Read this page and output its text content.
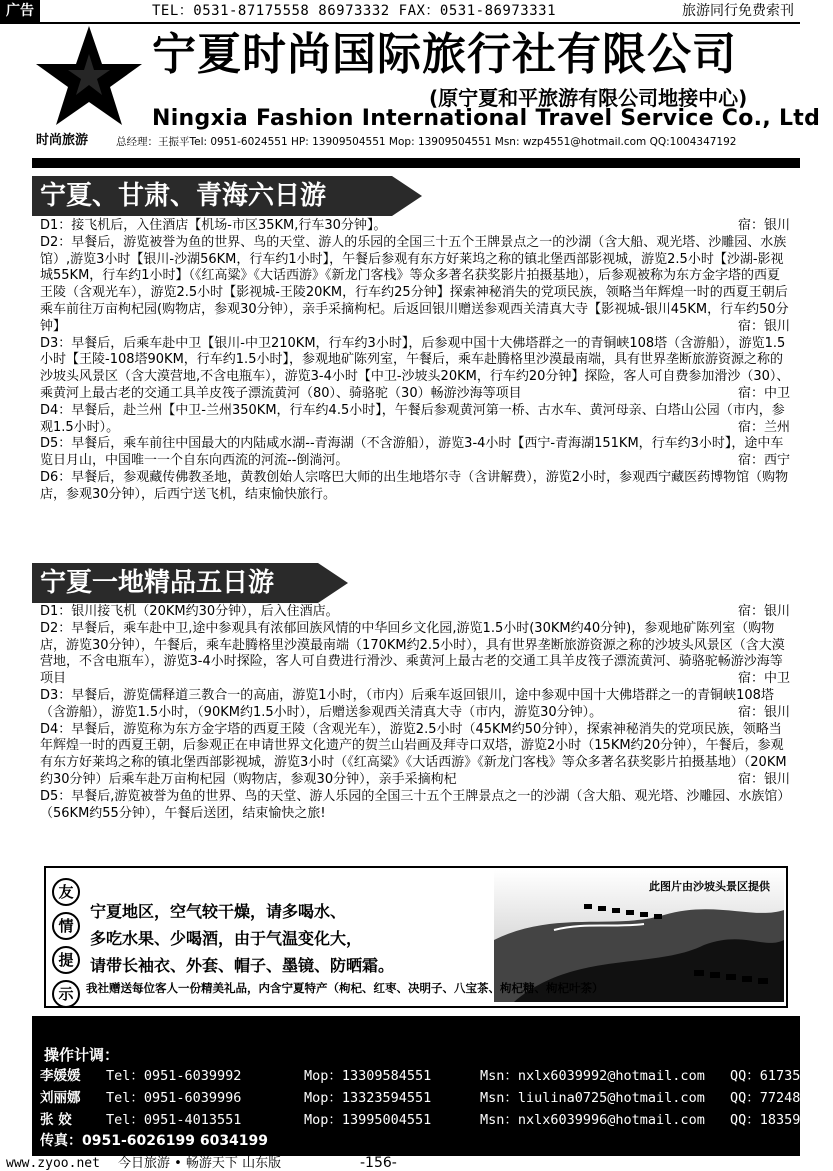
广告	TEL：0531-87175558 86973332 FAX：0531-86973331	旅游同行免费索刊
时尚旅游
宁夏时尚国际旅行社有限公司
(原宁夏和平旅游有限公司地接中心)
Ningxia Fashion International Travel Service Co., Ltd
总经理：王振平Tel: 0951-6024551 HP: 13909504551 Mop: 13909504551 Msn: wzp4551@hotmail.com QQ:1004347192
宁夏、甘肃、青海六日游
D1：接飞机后，入住酒店【机场-市区35KM,行车30分钟】。	宿：银川
D2：早餐后，游览被誉为鱼的世界、鸟的天堂、游人的乐园的全国三十五个王牌景点之一的沙湖（含大船、观光塔、沙雕园、水族馆）,游览3小时【银川-沙湖56KM，行车约1小时】，午餐后参观有东方好莱坞之称的镇北堡西部影视城，游览2.5小时【沙湖-影视城55KM，行车约1小时】（《红高粱》《大话西游》《新龙门客栈》等众多著名获奖影片拍摄基地），后参观被称为东方金字塔的西夏王陵（含观光车），游览2.5小时【影视城-王陵20KM，行车约25分钟】探索神秘消失的党项民族，领略当年辉煌一时的西夏王朝后乘车前往万亩枸杞园(购物店，参观30分钟），亲手采摘枸杞。后返回银川赠送参观西关清真大寺【影视城-银川45KM，行车约50分钟】	宿：银川
D3：早餐后，后乘车赴中卫【银川-中卫210KM，行车约3小时】，后参观中国十大佛塔群之一的青铜峡108塔（含游船），游览1.5小时【王陵-108塔90KM，行车约1.5小时】，参观地矿陈列室，午餐后，乘车赴腾格里沙漠最南端，具有世界垄断旅游资源之称的沙坡头风景区（含大漠营地,不含电瓶车），游览3-4小时【中卫-沙坡头20KM，行车约20分钟】探险，客人可自费参加滑沙（30）、乘黄河上最古老的交通工具羊皮筏子漂流黄河（80）、骑骆驼（30）畅游沙海等项目	宿：中卫
D4：早餐后，赴兰州【中卫-兰州350KM，行车约4.5小时】，午餐后参观黄河第一桥、古水车、黄河母亲、白塔山公园（市内，参观1.5小时）。	宿：兰州
D5：早餐后，乘车前往中国最大的内陆咸水湖--青海湖（不含游船），游览3-4小时【西宁-青海湖151KM，行车约3小时】，途中车览日月山，中国唯一一个自东向西流的河流--倒淌河。	宿：西宁
D6：早餐后，参观藏传佛教圣地，黄教创始人宗喀巴大师的出生地塔尔寺（含讲解费），游览2小时，参观西宁藏医药博物馆（购物店，参观30分钟），后西宁送飞机，结束愉快旅行。
宁夏一地精品五日游
D1：银川接飞机（20KM约30分钟），后入住酒店。	宿：银川
D2：早餐后，乘车赴中卫,途中参观具有浓郁回族风情的中华回乡文化园,游览1.5小时(30KM约40分钟)，参观地矿陈列室（购物店，游览30分钟），午餐后，乘车赴腾格里沙漠最南端（170KM约2.5小时），具有世界垄断旅游资源之称的沙坡头风景区（含大漠营地，不含电瓶车），游览3-4小时探险，客人可自费进行滑沙、乘黄河上最古老的交通工具羊皮筏子漂流黄河、骑骆驼畅游沙海等项目	宿：中卫
D3：早餐后，游览儒释道三教合一的高庙，游览1小时，（市内）后乘车返回银川，途中参观中国十大佛塔群之一的青铜峡108塔（含游船），游览1.5小时，（90KM约1.5小时），后赠送参观西关清真大寺（市内，游览30分钟）。	宿：银川
D4：早餐后，游览称为东方金字塔的西夏王陵（含观光车），游览2.5小时（45KM约50分钟），探索神秘消失的党项民族，领略当年辉煌一时的西夏王朝，后参观正在申请世界文化遗产的贺兰山岩画及拜寺口双塔，游览2小时（15KM约20分钟），午餐后，参观有东方好莱坞之称的镇北堡西部影视城，游览3小时（《红高粱》《大话西游》《新龙门客栈》等众多著名获奖影片拍摄基地）（20KM约30分钟）后乘车赴万亩枸杞园（购物店，参观30分钟），亲手采摘枸杞	宿：银川
D5：早餐后,游览被誉为鱼的世界、鸟的天堂、游人乐园的全国三十五个王牌景点之一的沙湖（含大船、观光塔、沙雕园、水族馆）（56KM约55分钟），午餐后送团，结束愉快之旅!
此图片由沙坡头景区提供
友
情
提
示
宁夏地区，空气较干燥，请多喝水、
多吃水果、少喝酒，由于气温变化大，
请带长袖衣、外套、帽子、墨镜、防晒霜。
我社赠送每位客人一份精美礼品，内含宁夏特产（枸杞、红枣、决明子、八宝茶、枸杞糖、枸杞叶茶）
操作计调：
李媛媛 Tel：0951-6039992	Mop：13309584551	Msn：nxlx6039992@hotmail.com QQ：617358473
刘丽娜 Tel：0951-6039996	Mop：13323594551	Msn：liulina0725@hotmail.com QQ：772486895
张 姣	Tel：0951-4013551	Mop：13995004551	Msn：nxlx6039996@hotmail.com QQ：183598251
传真：0951-6026199 6034199
www.zyoo.net 今日旅游 • 畅游天下 山东版	-156-
